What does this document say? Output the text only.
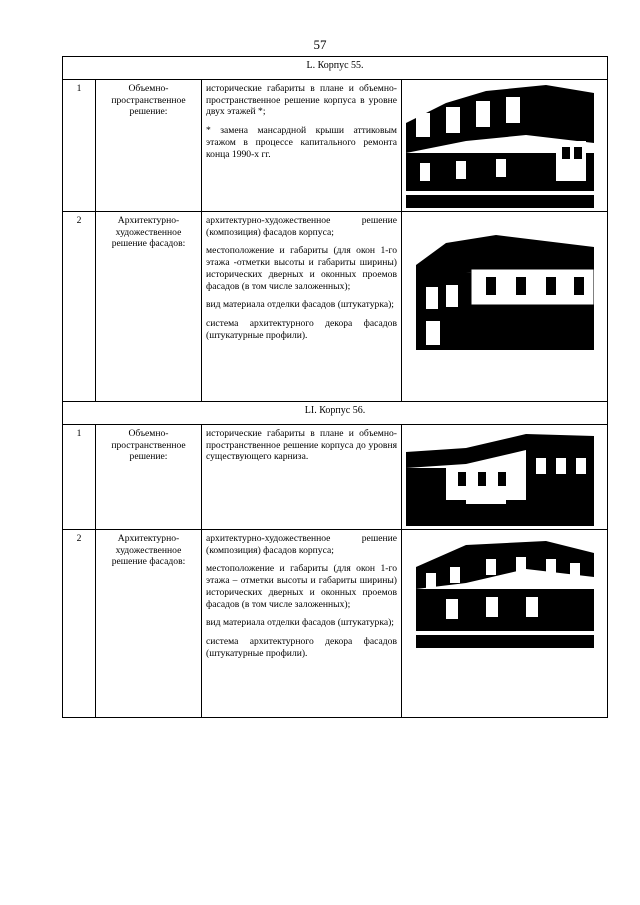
57
L. Корпус 55.			
1	Объемно-пространственное решение:	исторические габариты в плане и объемно-пространственное решение корпуса в уровне двух этажей *;

* замена мансардной крыши аттиковым этажом в процессе капитального ремонта конца 1990-х гг.

2	Архитектурно-художественное решение фасадов:	архитектурно-художественное решение (композиция) фасадов корпуса;

местоположение и габариты (для окон 1-го этажа -отметки высоты и габариты ширины) исторических дверных и оконных проемов фасадов (в том числе заложенных);

вид материала отделки фасадов (штукатурка);

система архитектурного декора фасадов (штукатурные профили).

LI. Корпус 56.			
1	Объемно-пространственное решение:	исторические габариты в плане и объемно-пространственное решение корпуса до уровня существующего карниза.

2	Архитектурно-художественное решение фасадов:	архитектурно-художественное решение (композиция) фасадов корпуса;

местоположение и габариты (для окон 1-го этажа – отметки высоты и габариты ширины) исторических дверных и оконных проемов фасадов (в том числе заложенных);

вид материала отделки фасадов (штукатурка);

система архитектурного декора фасадов (штукатурные профили).
